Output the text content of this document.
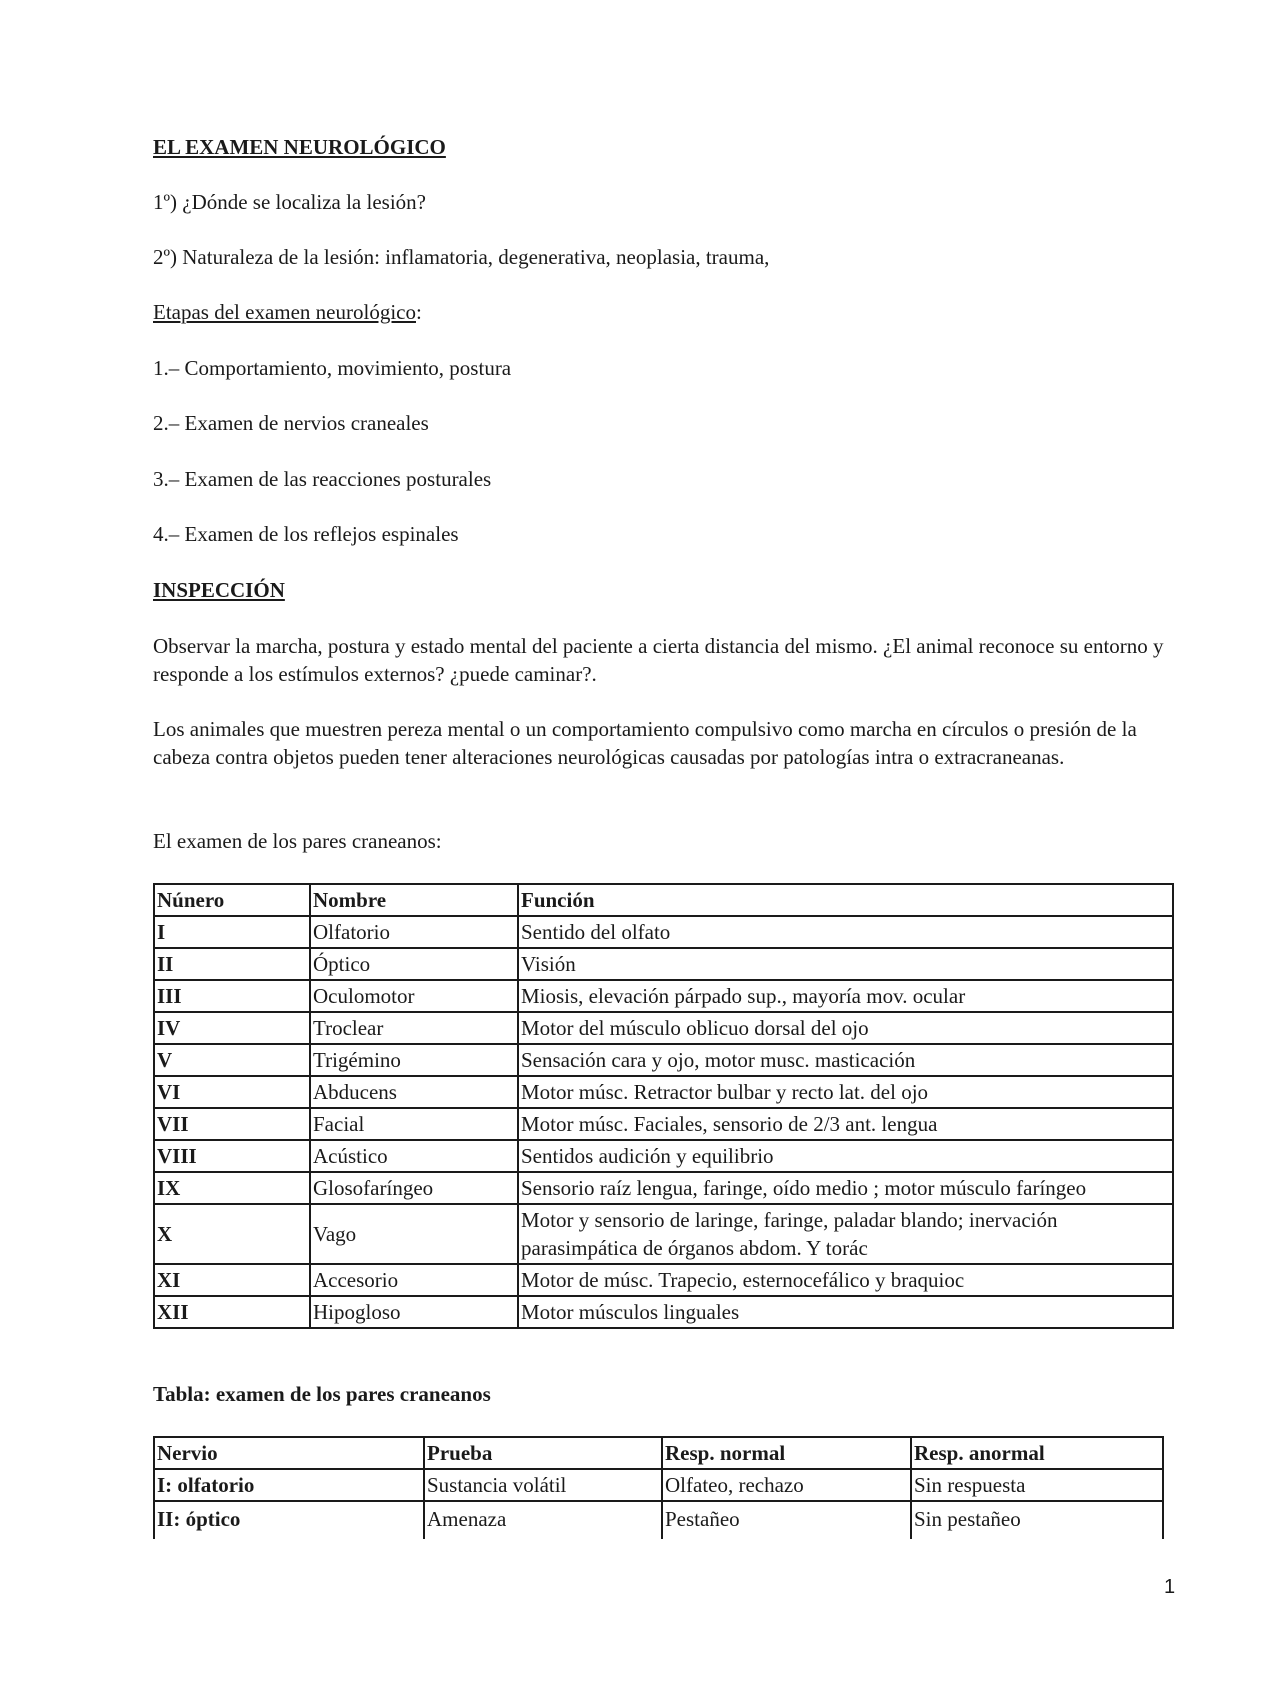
EL EXAMEN NEUROLÓGICO

1º) ¿Dónde se localiza la lesión?

2º) Naturaleza de la lesión: inflamatoria, degenerativa, neoplasia, trauma,

Etapas del examen neurológico:

1.– Comportamiento, movimiento, postura

2.– Examen de nervios craneales

3.– Examen de las reacciones posturales

4.– Examen de los reflejos espinales

INSPECCIÓN

Observar la marcha, postura y estado mental del paciente a cierta distancia del mismo. ¿El animal reconoce su entorno y responde a los estímulos externos? ¿puede caminar?.

Los animales que muestren pereza mental o un comportamiento compulsivo como marcha en círculos o presión de la cabeza contra objetos pueden tener alteraciones neurológicas causadas por patologías intra o extracraneanas.

El examen de los pares craneanos:

Núnero	Nombre	Función
I	Olfatorio	Sentido del olfato
II	Óptico	Visión
III	Oculomotor	Miosis, elevación párpado sup., mayoría mov. ocular
IV	Troclear	Motor del músculo oblicuo dorsal del ojo
V	Trigémino	Sensación cara y ojo, motor musc. masticación
VI	Abducens	Motor músc. Retractor bulbar y recto lat. del ojo
VII	Facial	Motor músc. Faciales, sensorio de 2/3 ant. lengua
VIII	Acústico	Sentidos audición y equilibrio
IX	Glosofaríngeo	Sensorio raíz lengua, faringe, oído medio ; motor músculo faríngeo
X	Vago	Motor y sensorio de laringe, faringe, paladar blando; inervación parasimpática de órganos abdom. Y torác
XI	Accesorio	Motor de músc. Trapecio, esternocefálico y braquioc
XII	Hipogloso	Motor músculos linguales

Tabla: examen de los pares craneanos

Nervio	Prueba	Resp. normal	Resp. anormal
I: olfatorio	Sustancia volátil	Olfateo, rechazo	Sin respuesta
II: óptico	Amenaza	Pestañeo	Sin pestañeo
1
